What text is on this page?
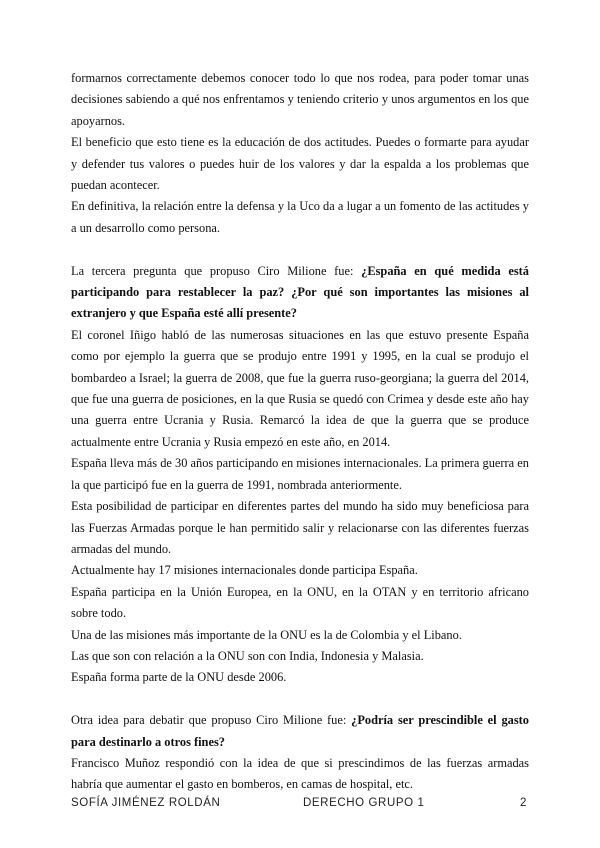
formarnos correctamente debemos conocer todo lo que nos rodea, para poder tomar unas decisiones sabiendo a qué nos enfrentamos y teniendo criterio y unos argumentos en los que apoyarnos.

El beneficio que esto tiene es la educación de dos actitudes. Puedes o formarte para ayudar y defender tus valores o puedes huir de los valores y dar la espalda a los problemas que puedan acontecer.

En definitiva, la relación entre la defensa y la Uco da a lugar a un fomento de las actitudes y a un desarrollo como persona.

La tercera pregunta que propuso Ciro Milione fue: ¿España en qué medida está participando para restablecer la paz? ¿Por qué son importantes las misiones al extranjero y que España esté allí presente?

El coronel Iñigo habló de las numerosas situaciones en las que estuvo presente España como por ejemplo la guerra que se produjo entre 1991 y 1995, en la cual se produjo el bombardeo a Israel; la guerra de 2008, que fue la guerra ruso-georgiana; la guerra del 2014, que fue una guerra de posiciones, en la que Rusia se quedó con Crimea y desde este año hay una guerra entre Ucrania y Rusia. Remarcó la idea de que la guerra que se produce actualmente entre Ucrania y Rusia empezó en este año, en 2014.

España lleva más de 30 años participando en misiones internacionales. La primera guerra en la que participó fue en la guerra de 1991, nombrada anteriormente.

Esta posibilidad de participar en diferentes partes del mundo ha sido muy beneficiosa para las Fuerzas Armadas porque le han permitido salir y relacionarse con las diferentes fuerzas armadas del mundo.

Actualmente hay 17 misiones internacionales donde participa España.

España participa en la Unión Europea, en la ONU, en la OTAN y en territorio africano sobre todo.

Una de las misiones más importante de la ONU es la de Colombia y el Libano.

Las que son con relación a la ONU son con India, Indonesia y Malasia.

España forma parte de la ONU desde 2006.

Otra idea para debatir que propuso Ciro Milione fue: ¿Podría ser prescindible el gasto para destinarlo a otros fines?

Francisco Muñoz respondió con la idea de que si prescindimos de las fuerzas armadas habría que aumentar el gasto en bomberos, en camas de hospital, etc.

SOFÍA JIMÉNEZ ROLDÁN	DERECHO GRUPO 1	2
